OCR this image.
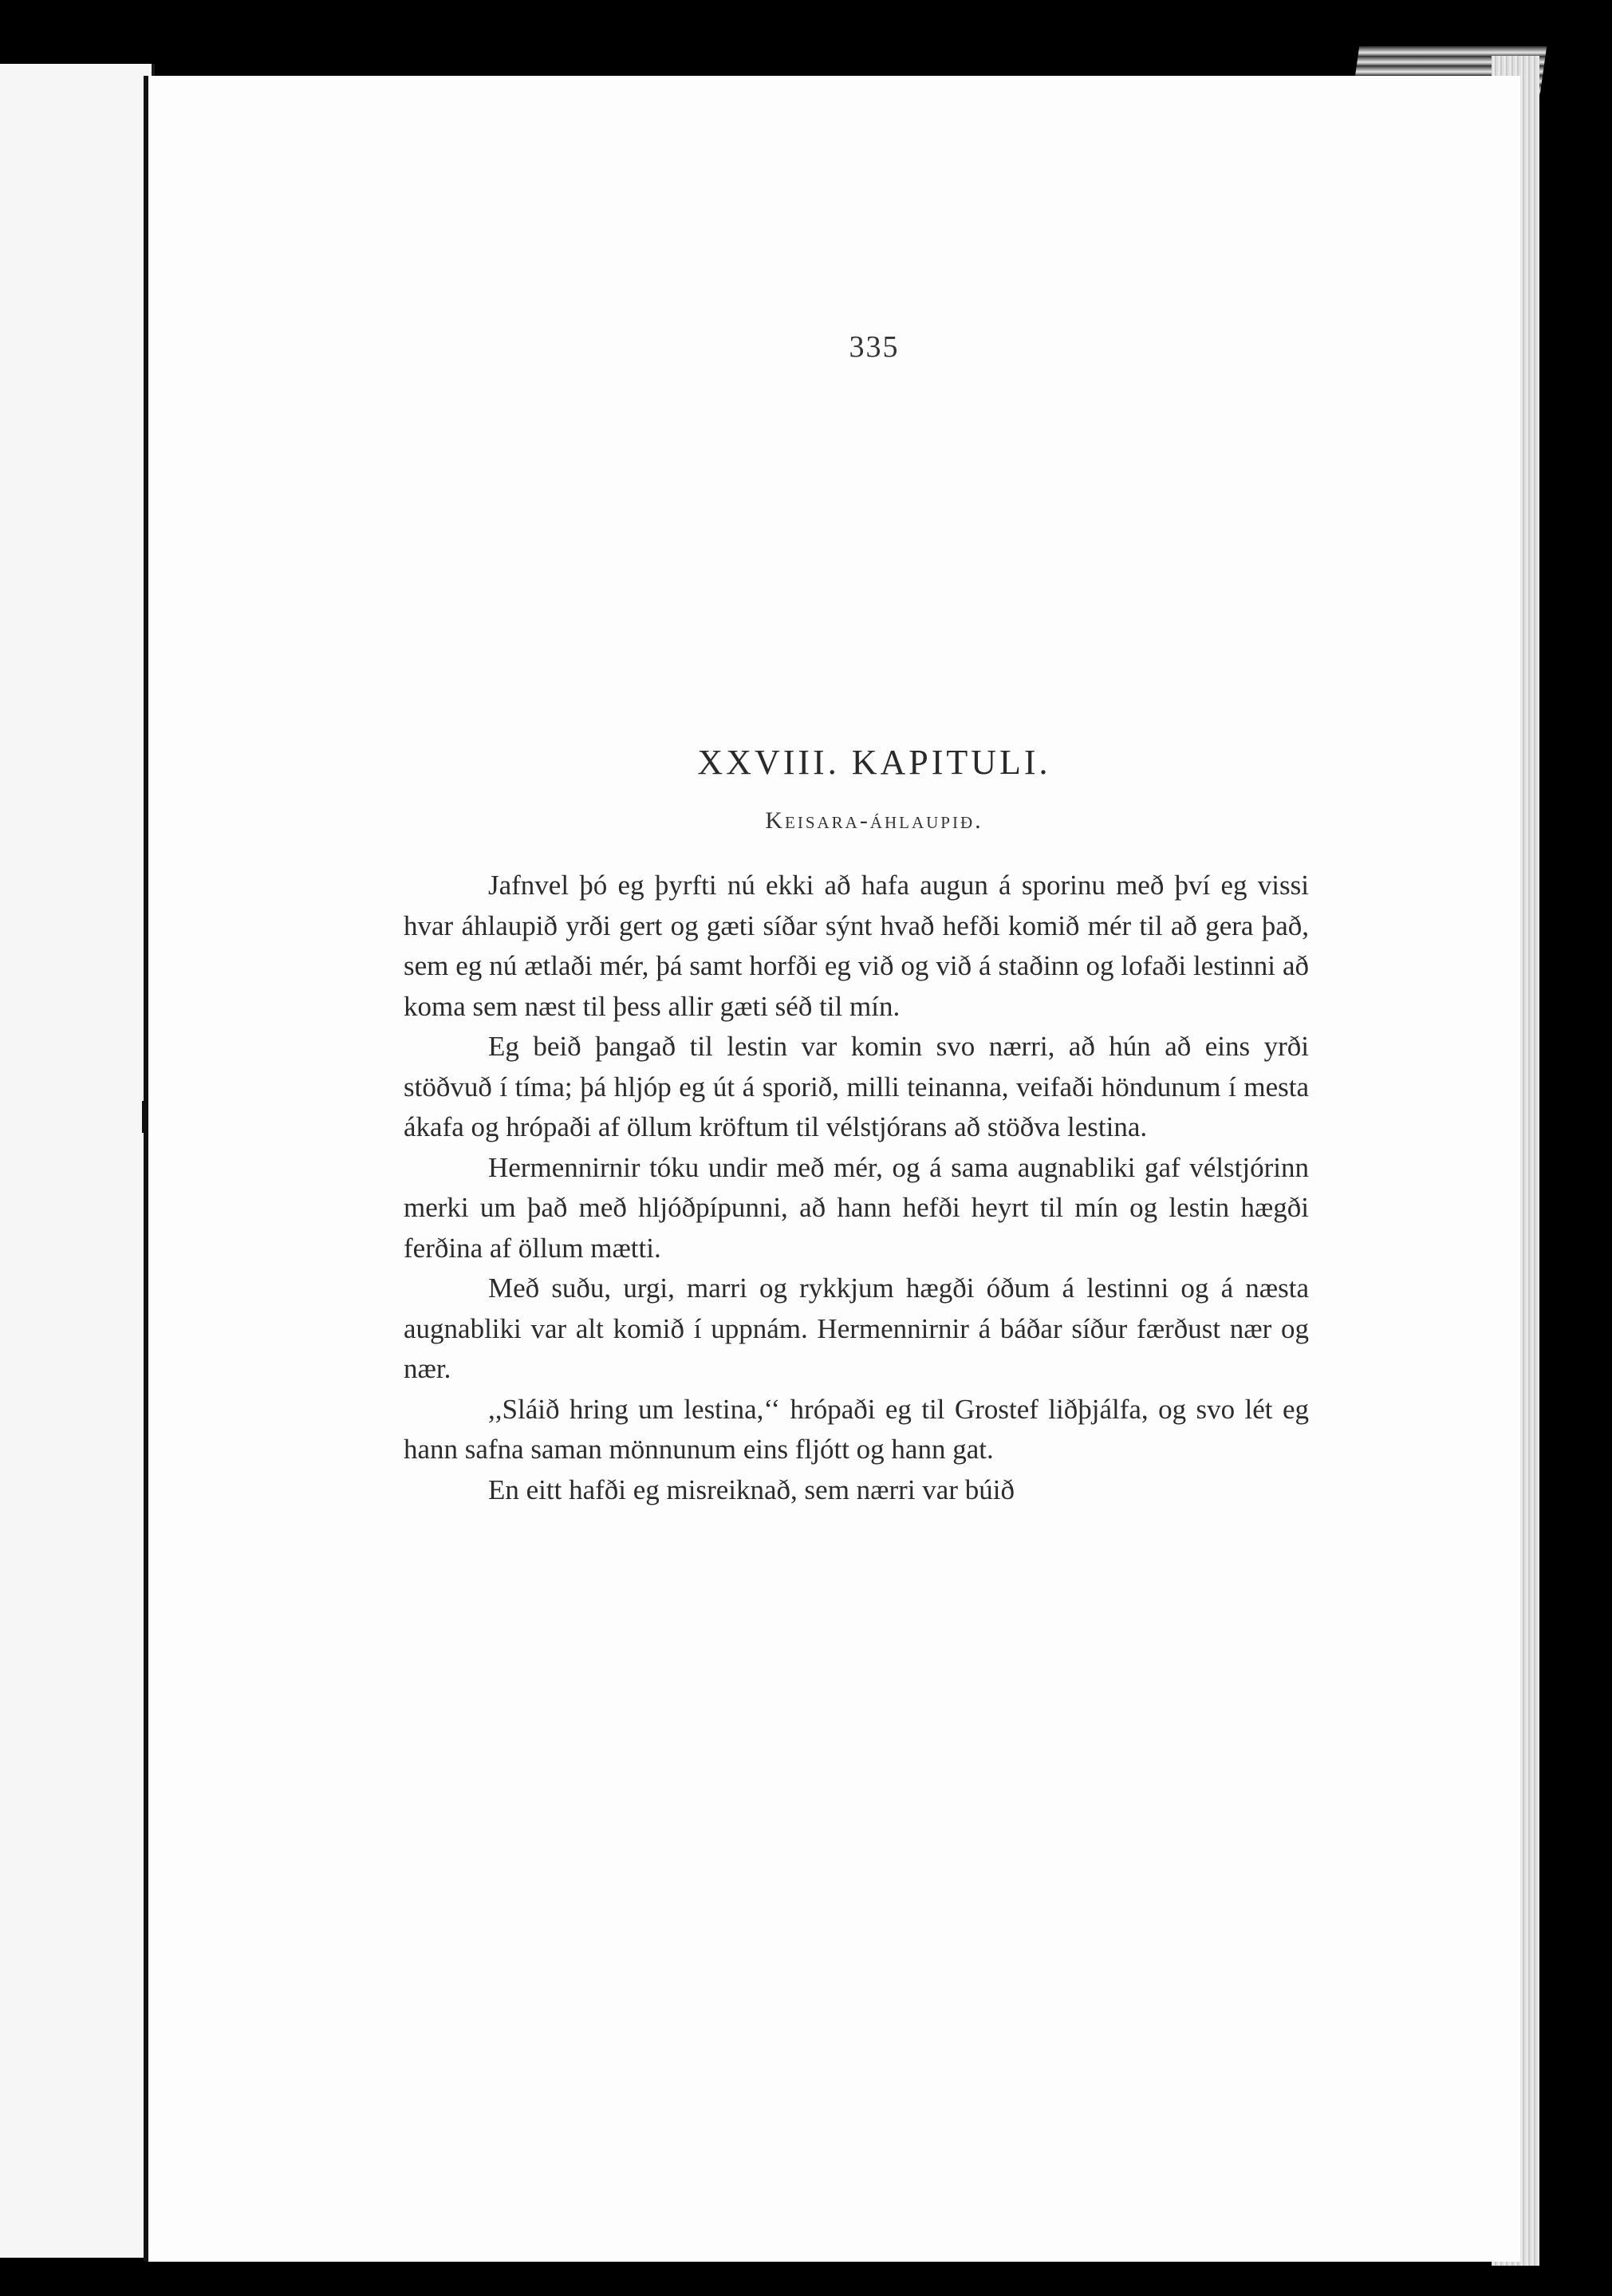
335
XXVIII. KAPITULI.
Keisara-áhlaupið.

Jafnvel þó eg þyrfti nú ekki að hafa augun á sporinu með því eg vissi hvar áhlaupið yrði gert og gæti síðar sýnt hvað hefði komið mér til að gera það, sem eg nú ætlaði mér, þá samt horfði eg við og við á staðinn og lofaði lestinni að koma sem næst til þess allir gæti séð til mín.

Eg beið þangað til lestin var komin svo nærri, að hún að eins yrði stöðvuð í tíma; þá hljóp eg út á sporið, milli teinanna, veifaði höndunum í mesta ákafa og hrópaði af öllum kröftum til vélstjórans að stöðva lestina.

Hermennirnir tóku undir með mér, og á sama augnabliki gaf vélstjórinn merki um það með hljóðpípunni, að hann hefði heyrt til mín og lestin hægði ferðina af öllum mætti.

Með suðu, urgi, marri og rykkjum hægði óðum á lestinni og á næsta augnabliki var alt komið í uppnám. Hermennirnir á báðar síður færðust nær og nær.

,,Sláið hring um lestina,‘‘ hrópaði eg til Grostef liðþjálfa, og svo lét eg hann safna saman mönnunum eins fljótt og hann gat.

En eitt hafði eg misreiknað, sem nærri var búið
